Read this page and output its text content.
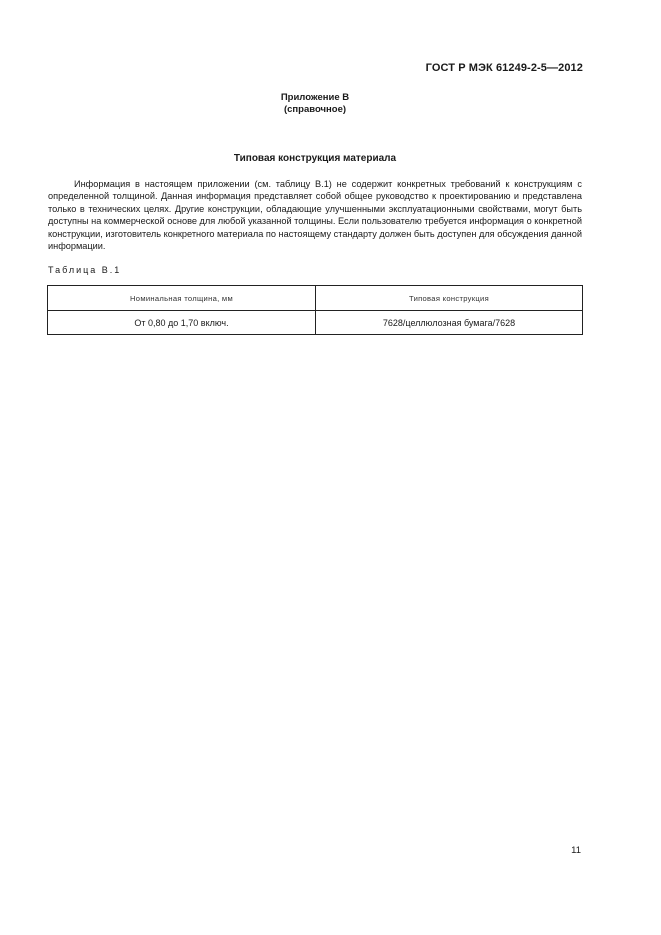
ГОСТ Р МЭК 61249-2-5—2012
Приложение В
(справочное)
Типовая конструкция материала

Информация в настоящем приложении (см. таблицу В.1) не содержит конкретных требований к конструкциям с определенной толщиной. Данная информация представляет собой общее руководство к проектированию и представлена только в технических целях. Другие конструкции, обладающие улучшенными эксплуатационными свойствами, могут быть доступны на коммерческой основе для любой указанной толщины. Если пользователю требуется информация о конкретной конструкции, изготовитель конкретного материала по настоящему стандарту должен быть доступен для обсуждения данной информации.

Таблица В.1
Номинальная толщина, мм	Типовая конструкция
От 0,80 до 1,70 включ.	7628/целлюлозная бумага/7628
11
